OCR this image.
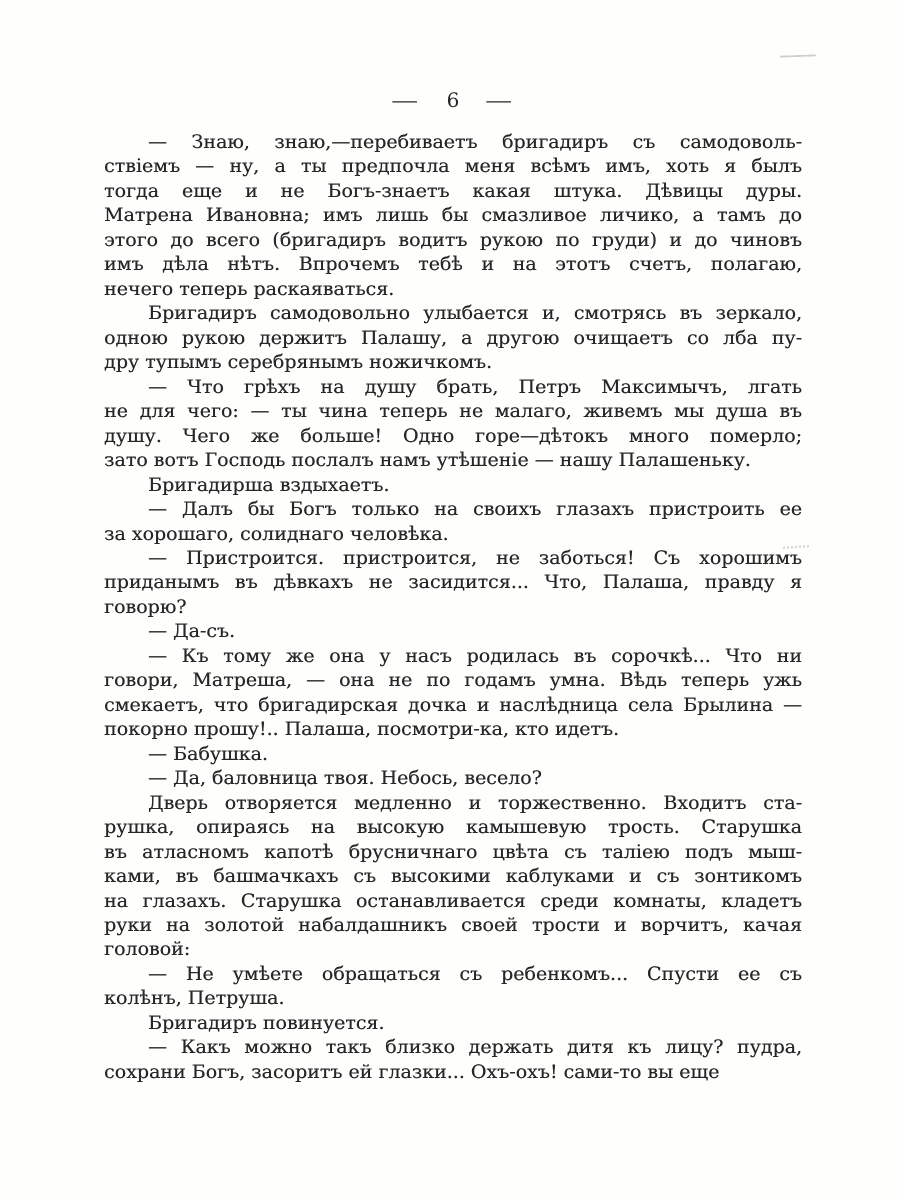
— 6 —
— Знаю, знаю,—перебиваетъ бригадиръ съ самодоволь-
ствіемъ — ну, а ты предпочла меня всѣмъ имъ, хоть я былъ
тогда еще и не Богъ-знаетъ какая штука. Дѣвицы дуры.
Матрена Ивановна; имъ лишь бы смазливое личико, а тамъ до
этого до всего (бригадиръ водитъ рукою по груди) и до чиновъ
имъ дѣла нѣтъ. Впрочемъ тебѣ и на этотъ счетъ, полагаю,
нечего теперь раскаяваться.
Бригадиръ самодовольно улыбается и, смотрясь въ зеркало,
одною рукою держитъ Палашу, а другою очищаетъ со лба пу-
дру тупымъ серебрянымъ ножичкомъ.
— Что грѣхъ на душу брать, Петръ Максимычъ, лгать
не для чего: — ты чина теперь не малаго, живемъ мы душа въ
душу. Чего же больше! Одно горе—дѣтокъ много померло;
зато вотъ Господь послалъ намъ утѣшеніе — нашу Палашеньку.
Бригадирша вздыхаетъ.
— Далъ бы Богъ только на своихъ глазахъ пристроить ее
за хорошаго, солиднаго человѣка.
— Пристроится. пристроится, не заботься! Съ хорошимъ
приданымъ въ дѣвкахъ не засидится... Что, Палаша, правду я
говорю?
— Да-съ.
— Къ тому же она у насъ родилась въ сорочкѣ... Что ни
говори, Матреша, — она не по годамъ умна. Вѣдь теперь ужь
смекаетъ, что бригадирская дочка и наслѣдница села Брылина —
покорно прошу!.. Палаша, посмотри-ка, кто идетъ.
— Бабушка.
— Да, баловница твоя. Небось, весело?
Дверь отворяется медленно и торжественно. Входитъ ста-
рушка, опираясь на высокую камышевую трость. Старушка
въ атласномъ капотѣ брусничнаго цвѣта съ таліею подъ мыш-
ками, въ башмачкахъ съ высокими каблуками и съ зонтикомъ
на глазахъ. Старушка останавливается среди комнаты, кладетъ
руки на золотой набалдашникъ своей трости и ворчитъ, качая
головой:
— Не умѣете обращаться съ ребенкомъ... Спусти ее съ
колѣнъ, Петруша.
Бригадиръ повинуется.
— Какъ можно такъ близко держать дитя къ лицу? пудра,
сохрани Богъ, засоритъ ей глазки... Охъ-охъ! сами-то вы еще
